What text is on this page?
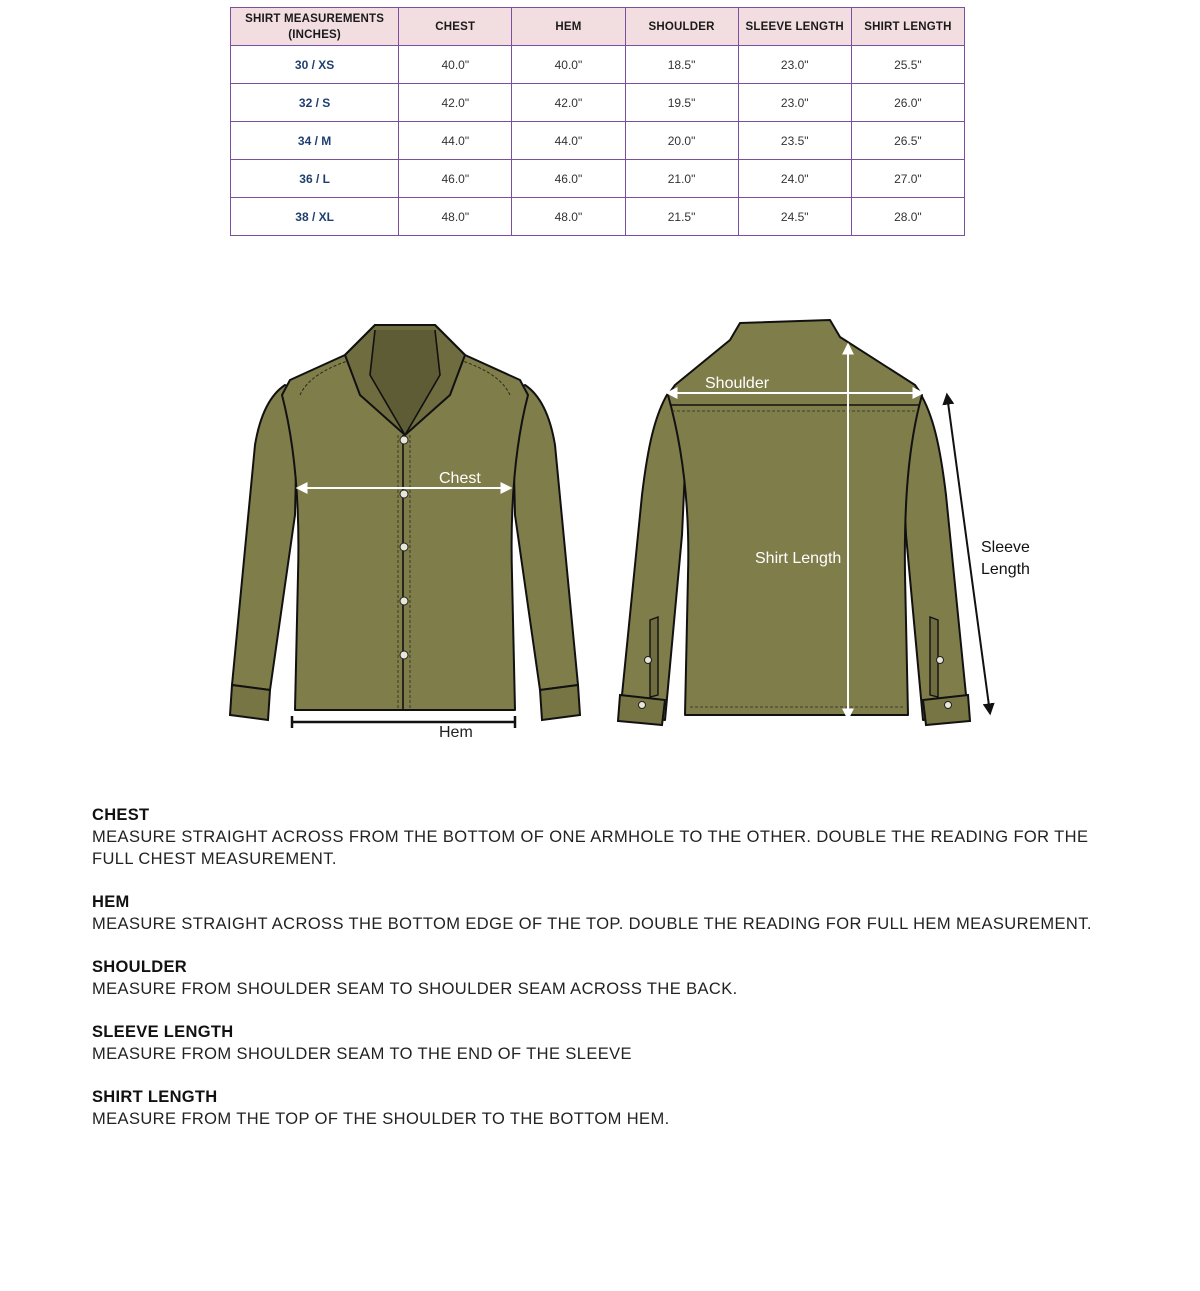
SHIRT MEASUREMENTS
(INCHES)	CHEST	HEM	SHOULDER	SLEEVE LENGTH	SHIRT LENGTH
30 / XS	40.0"	40.0"	18.5"	23.0"	25.5"
32 / S	42.0"	42.0"	19.5"	23.0"	26.0"
34 / M	44.0"	44.0"	20.0"	23.5"	26.5"
36 / L	46.0"	46.0"	21.0"	24.0"	27.0"
38 / XL	48.0"	48.0"	21.5"	24.5"	28.0"
Chest
Hem
Shoulder
Shirt Length
Sleeve
Length
CHEST
MEASURE STRAIGHT ACROSS FROM THE BOTTOM OF ONE ARMHOLE TO THE OTHER. DOUBLE THE READING FOR THE FULL CHEST MEASUREMENT.
HEM
MEASURE STRAIGHT ACROSS THE BOTTOM EDGE OF THE TOP. DOUBLE THE READING FOR FULL HEM MEASUREMENT.
SHOULDER
MEASURE FROM SHOULDER SEAM TO SHOULDER SEAM ACROSS THE BACK.
SLEEVE LENGTH
MEASURE FROM SHOULDER SEAM TO THE END OF THE SLEEVE
SHIRT LENGTH
MEASURE FROM THE TOP OF THE SHOULDER TO THE BOTTOM HEM.
